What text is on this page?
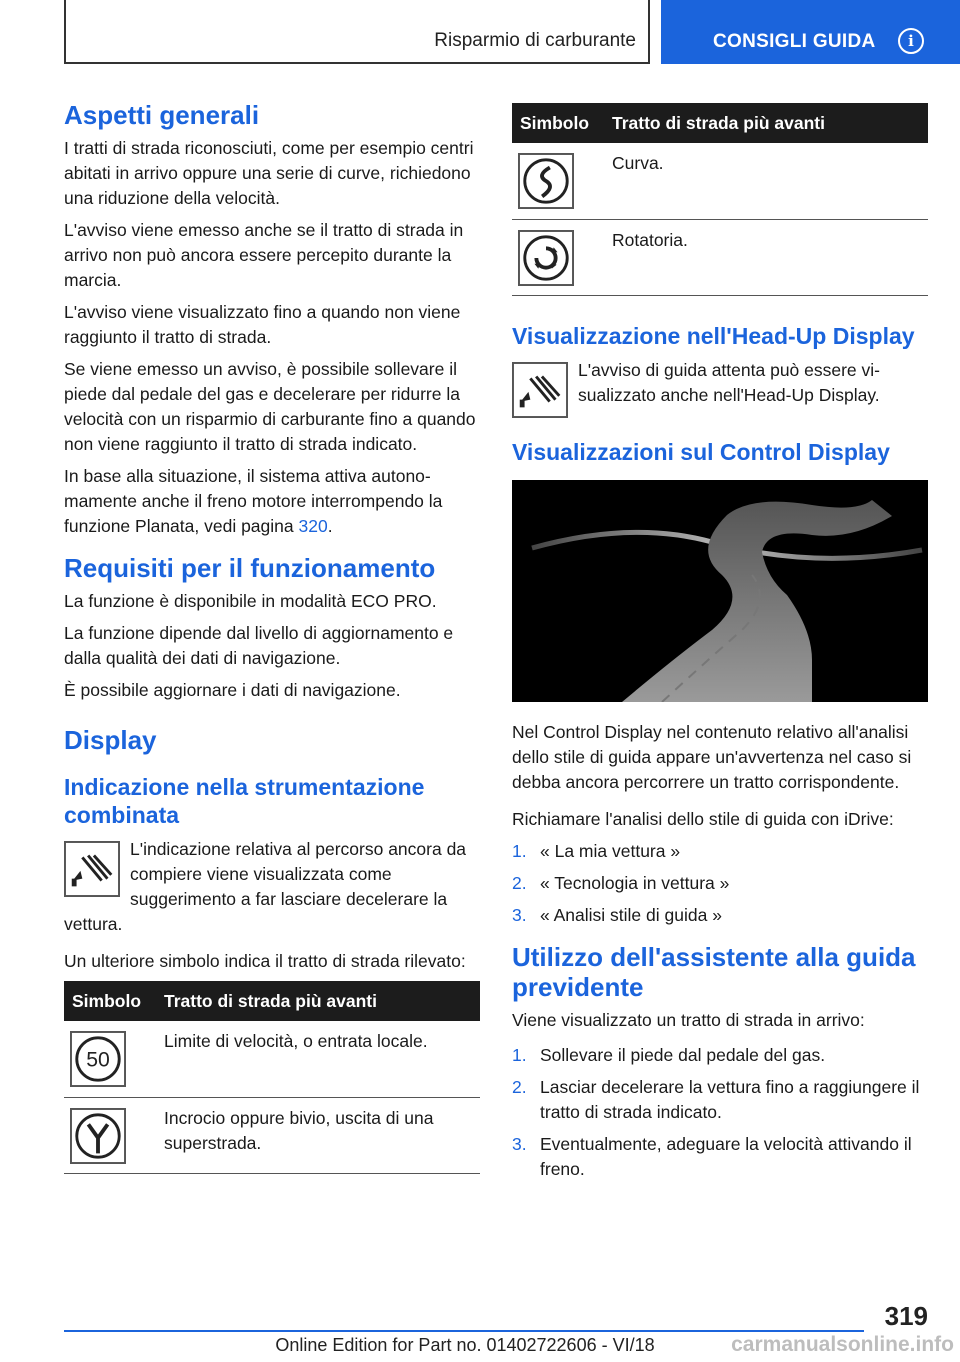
Risparmio di carburante	CONSIGLI GUIDA	i
Aspetti generali

I tratti di strada riconosciuti, come per esempio centri abitati in arrivo oppure una serie di curve, richiedono una riduzione della velocità.

L'avviso viene emesso anche se il tratto di strada in arrivo non può ancora essere percepito durante la marcia.

L'avviso viene visualizzato fino a quando non viene raggiunto il tratto di strada.

Se viene emesso un avviso, è possibile sollevare il piede dal pedale del gas e decelerare per ridurre la velocità con un risparmio di carburante fino a quando non viene raggiunto il tratto di strada indicato.

In base alla situazione, il sistema attiva autonomamente anche il freno motore interrompendo la funzione Planata, vedi pagina 320.

Requisiti per il funzionamento

La funzione è disponibile in modalità ECO PRO.

La funzione dipende dal livello di aggiornamento e dalla qualità dei dati di navigazione.

È possibile aggiornare i dati di navigazione.

Display
Indicazione nella strumentazione combinata

L'indicazione relativa al percorso ancora da compiere viene visualizzata come suggerimento a far lasciare decelerare la vettura.

Un ulteriore simbolo indica il tratto di strada rilevato:

Simbolo	Tratto di strada più avanti

50	Limite di velocità, o entrata locale.

	Incrocio oppure bivio, uscita di una superstrada.
Simbolo	Tratto di strada più avanti

	Curva.

	Rotatoria.
Visualizzazione nell'Head-Up Display

L'avviso di guida attenta può essere visualizzato anche nell'Head-Up Display.

Visualizzazioni sul Control Display

Nel Control Display nel contenuto relativo all'analisi dello stile di guida appare un'avvertenza nel caso si debba ancora percorrere un tratto corrispondente.

Richiamare l'analisi dello stile di guida con iDrive:

1. « La mia vettura »
2. « Tecnologia in vettura »
3. « Analisi stile di guida »
Utilizzo dell'assistente alla guida previdente

Viene visualizzato un tratto di strada in arrivo:

1. Sollevare il piede dal pedale del gas.
2. Lasciar decelerare la vettura fino a raggiungere il tratto di strada indicato.
3. Eventualmente, adeguare la velocità attivando il freno.
319
Online Edition for Part no. 01402722606 - VI/18	carmanualsonline.info
